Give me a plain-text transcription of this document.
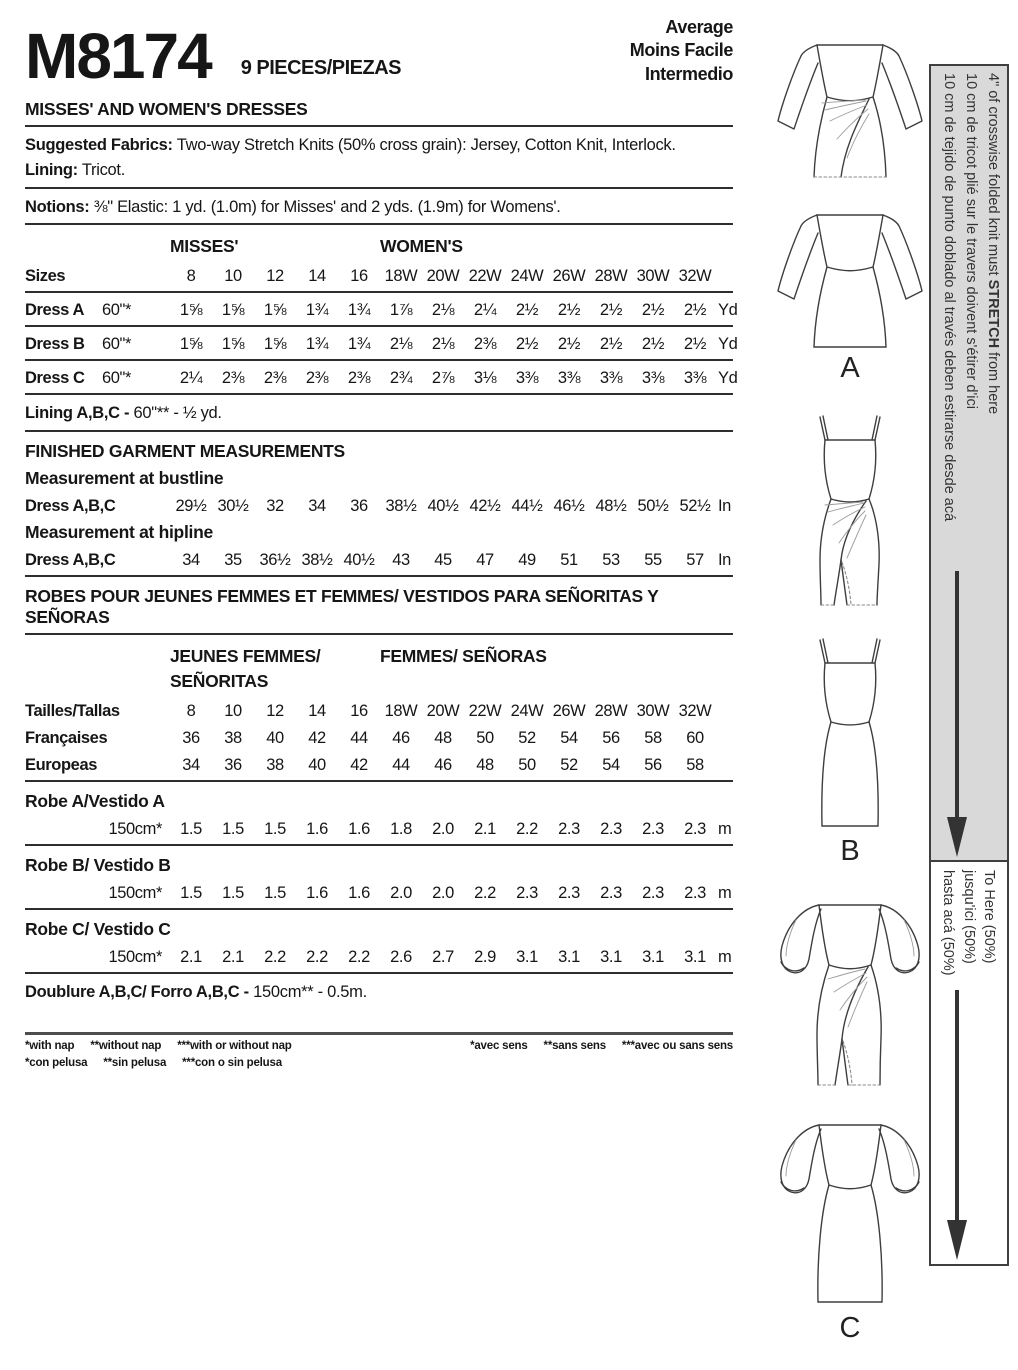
M8174 9 PIECES/PIEZAS
Average
Moins Facile
Intermedio
MISSES' AND WOMEN'S DRESSES
Suggested Fabrics: Two-way Stretch Knits (50% cross grain): Jersey, Cotton Knit, Interlock.
Lining: Tricot.
Notions: ⅜" Elastic: 1 yd. (1.0m) for Misses' and 2 yds. (1.9m) for Womens'.
MISSES'	WOMEN'S
Sizes	8	10	12	14	16	18W 20W 22W 24W 26W 28W 30W 32W
Dress A	60"*	1⅝	1⅝	1⅝	1¾	1¾	1⅞	2⅛	2¼	2½	2½	2½	2½	2½ Yd
Dress B	60"*	1⅝	1⅝	1⅝	1¾	1¾	2⅛	2⅛	2⅜	2½	2½	2½	2½	2½ Yd
Dress C	60"*	2¼	2⅜	2⅜	2⅜	2⅜	2¾	2⅞	3⅛	3⅜	3⅜	3⅜	3⅜	3⅜ Yd
Lining A,B,C - 60"** - ½ yd.
FINISHED GARMENT MEASUREMENTS
Measurement at bustline
Dress A,B,C	29½ 30½	32	34	36	38½ 40½ 42½ 44½ 46½ 48½ 50½ 52½ In
Measurement at hipline
Dress A,B,C	34	35	36½ 38½ 40½	43	45	47	49	51	53	55	57 In
ROBES POUR JEUNES FEMMES ET FEMMES/ VESTIDOS PARA SEÑORITAS Y SEÑORAS
JEUNES FEMMES/
SEÑORITAS
FEMMES/ SEÑORAS
Tailles/Tallas	8	10	12	14	16	18W 20W 22W 24W 26W 28W 30W 32W
Françaises	36	38	40	42	44	46	48	50	52	54	56	58	60
Europeas	34	36	38	40	42	44	46	48	50	52	54	56	58
Robe A/Vestido A
150cm*	1.5	1.5	1.5	1.6	1.6	1.8	2.0	2.1	2.2	2.3	2.3	2.3	2.3 m
Robe B/ Vestido B
150cm*	1.5	1.5	1.5	1.6	1.6	2.0	2.0	2.2	2.3	2.3	2.3	2.3	2.3 m
Robe C/ Vestido C
150cm*	2.1	2.1	2.2	2.2	2.2	2.6	2.7	2.9	3.1	3.1	3.1	3.1	3.1 m
Doublure A,B,C/ Forro A,B,C - 150cm** - 0.5m.
*with nap **without nap ***with or without nap	*avec sens **sans sens ***avec ou sans sens
*con pelusa **sin pelusa ***con o sin pelusa
A
B
C
4" of crosswise folded knit must STRETCH from here
10 cm de tricot plié sur le travers doivent s'étirer d'ici
10 cm de tejido de punto doblado al través deben estirarse desde acá
To Here (50%)
jusqu'ici (50%)
hasta acá (50%)
